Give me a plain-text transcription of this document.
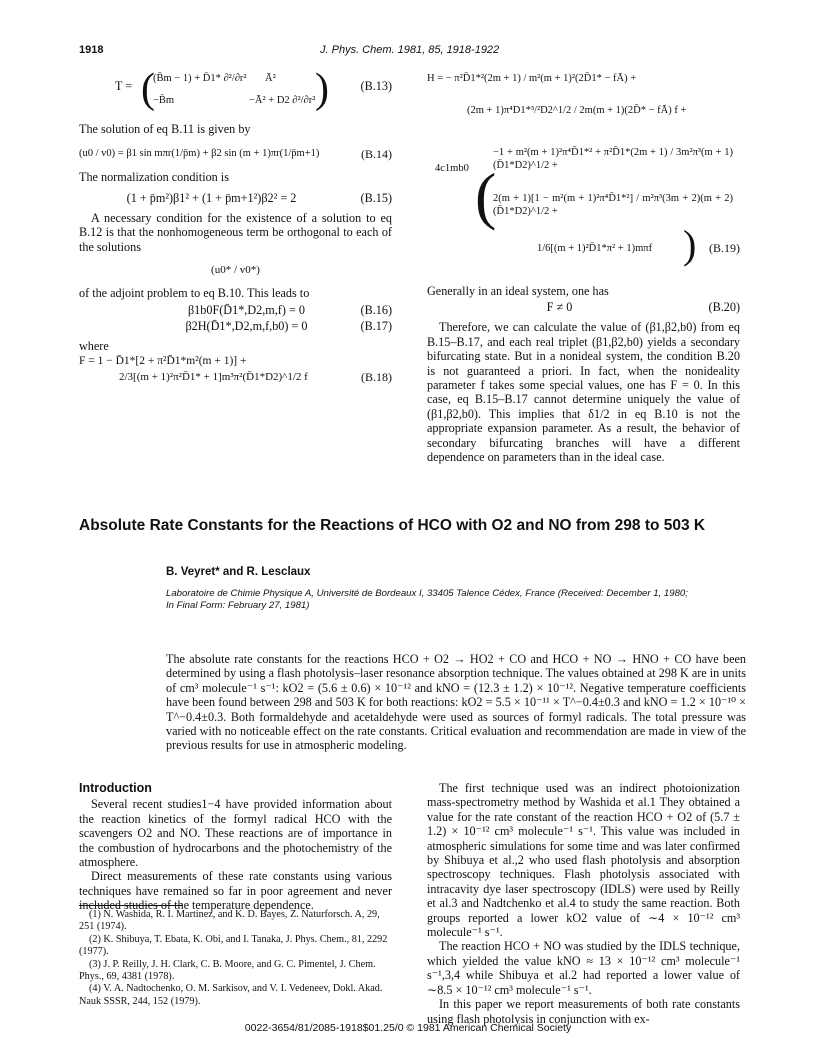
1918	J. Phys. Chem. 1981, 85, 1918-1922
T = (
(B̄m − 1) + D̄1* ∂²/∂r² Ā²
−B̄m	−Ā² + D2 ∂²/∂r² )	(B.13)

The solution of eq B.11 is given by

(u0 / v0) = β1 sin mπr(1/p̄m) + β2 sin (m + 1)πr(1/p̄m+1)	(B.14)

The normalization condition is

(1 + p̄m²)β1² + (1 + p̄m+1²)β2² = 2	(B.15)

A necessary condition for the existence of a solution to eq B.12 is that the nonhomogeneous term be orthogonal to each of the solutions

(u0* / v0*)

of the adjoint problem to eq B.10. This leads to

β1b0F(D̄1*,D2,m,f) = 0	(B.16)
β2H(D̄1*,D2,m,f,b0) = 0	(B.17)

where

F = 1 − D̄1*[2 + π²D̄1*m²(m + 1)] +
2/3[(m + 1)²π²D̄1* + 1]m³π²(D̄1*D2)^1/2 f	(B.18)
H = − π²D̄1*²(2m + 1) / m²(m + 1)²(2D̄1* − fĀ) +
(2m + 1)π⁴D1*³/²D2^1/2 / 2m(m + 1)(2D̄* − fĀ) f +
4c1mb0 (
−1 + m²(m + 1)²π⁴D̄1*² + π²D̄1*(2m + 1) / 3m²π³(m + 1)(D̄1*D2)^1/2 +
2(m + 1)[1 − m²(m + 1)²π⁴D̄1*²] / m²π³(3m + 2)(m + 2)(D̄1*D2)^1/2 +
1/6[(m + 1)²D̄1*π² + 1)mπf ) (B.19)

Generally in an ideal system, one has

F ≠ 0	(B.20)

Therefore, we can calculate the value of (β1,β2,b0) from eq B.15–B.17, and each real triplet (β1,β2,b0) yields a secondary bifurcating state. But in a nonideal system, the condition B.20 is not guaranteed a priori. In fact, when the nonideality parameter f takes some special values, one has F = 0. In this case, eq B.15–B.17 cannot determine uniquely the value of (β1,β2,b0). This implies that δ1/2 in eq B.10 is not the appropriate expansion parameter. As a result, the behavior of secondary bifurcating branches will have a different dependence on parameters than in the ideal case.

Absolute Rate Constants for the Reactions of HCO with O2 and NO from 298 to 503 K
B. Veyret* and R. Lesclaux
Laboratoire de Chimie Physique A, Université de Bordeaux I, 33405 Talence Cédex, France (Received: December 1, 1980;
In Final Form: February 27, 1981)
The absolute rate constants for the reactions HCO + O2 → HO2 + CO and HCO + NO → HNO + CO have been determined by using a flash photolysis–laser resonance absorption technique. The values obtained at 298 K are in units of cm³ molecule⁻¹ s⁻¹: kO2 = (5.6 ± 0.6) × 10⁻¹² and kNO = (12.3 ± 1.2) × 10⁻¹². Negative temperature coefficients have been found between 298 and 503 K for both reactions: kO2 = 5.5 × 10⁻¹¹ × T^−0.4±0.3 and kNO = 1.2 × 10⁻¹⁰ × T^−0.4±0.3. Both formaldehyde and acetaldehyde were used as sources of formyl radicals. The total pressure was varied with no noticeable effect on the rate constants. Critical evaluation and recommendation are made in view of the previous results for use in atmospheric modeling.
Introduction

Several recent studies1−4 have provided information about the reaction kinetics of the formyl radical HCO with the scavengers O2 and NO. These reactions are of importance in the combustion of hydrocarbons and the photochemistry of the atmosphere.

Direct measurements of these rate constants using various techniques have remained so far in poor agreement and never included studies of the temperature dependence.

(1) N. Washida, R. I. Martinez, and K. D. Bayes, Z. Naturforsch. A, 29, 251 (1974).

(2) K. Shibuya, T. Ebata, K. Obi, and I. Tanaka, J. Phys. Chem., 81, 2292 (1977).

(3) J. P. Reilly, J. H. Clark, C. B. Moore, and G. C. Pimentel, J. Chem. Phys., 69, 4381 (1978).

(4) V. A. Nadtochenko, O. M. Sarkisov, and V. I. Vedeneev, Dokl. Akad. Nauk SSSR, 244, 152 (1979).

The first technique used was an indirect photoionization mass-spectrometry method by Washida et al.1 They obtained a value for the rate constant of the reaction HCO + O2 of (5.7 ± 1.2) × 10⁻¹² cm³ molecule⁻¹ s⁻¹. This value was included in atmospheric simulations for some time and was later confirmed by Shibuya et al.,2 who used flash photolysis and absorption spectroscopy techniques. Flash photolysis associated with intracavity dye laser spectroscopy (IDLS) were used by Reilly et al.3 and Nadtchenko et al.4 to study the same reaction. Both groups reported a lower kO2 value of ∼4 × 10⁻¹² cm³ molecule⁻¹ s⁻¹.

The reaction HCO + NO was studied by the IDLS technique, which yielded the value kNO ≈ 13 × 10⁻¹² cm³ molecule⁻¹ s⁻¹,3,4 while Shibuya et al.2 had reported a lower value of ∼8.5 × 10⁻¹² cm³ molecule⁻¹ s⁻¹.

In this paper we report measurements of both rate constants using flash photolysis in conjunction with ex-

0022-3654/81/2085-1918$01.25/0 © 1981 American Chemical Society
